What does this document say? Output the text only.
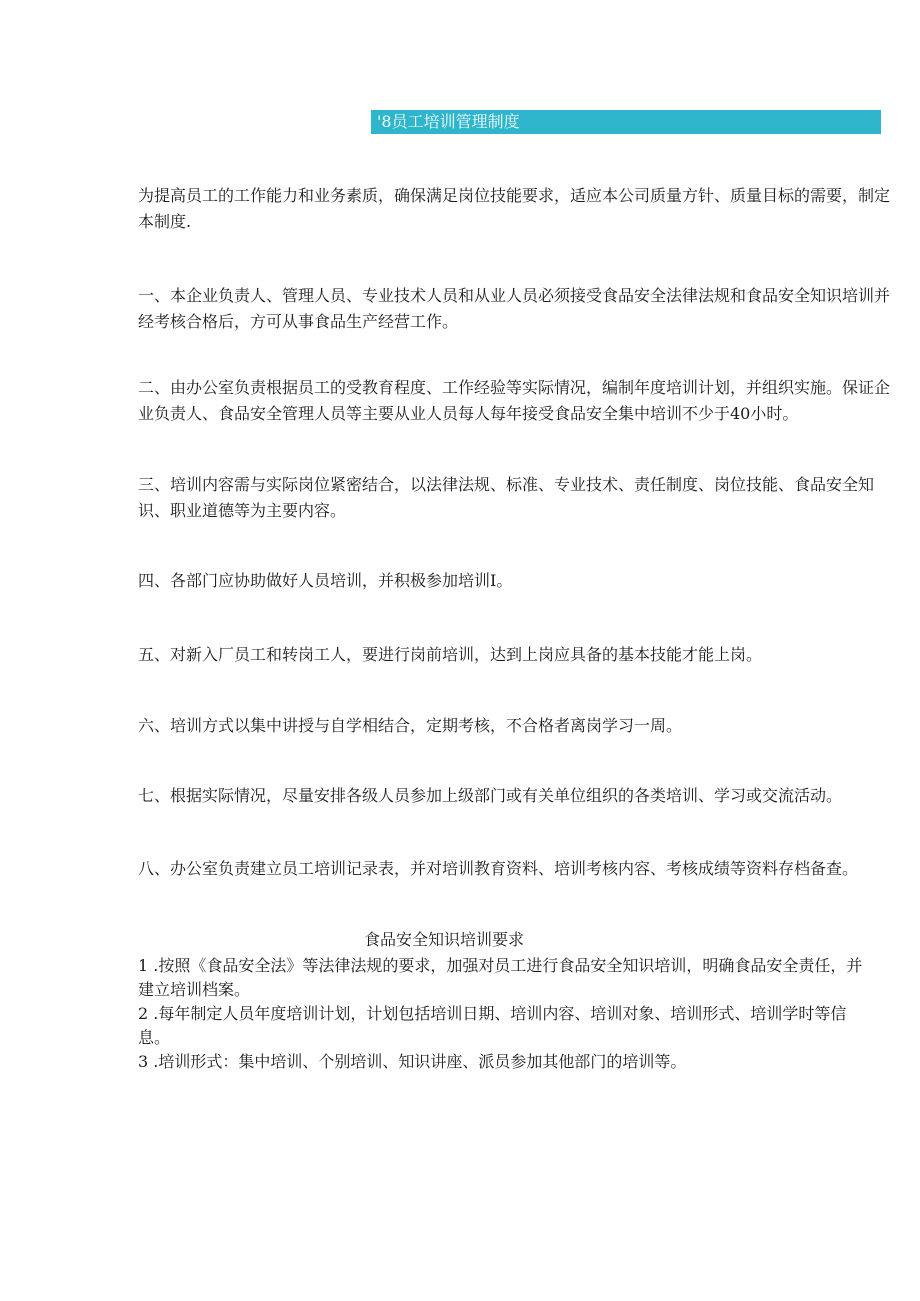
'8员工培训管理制度

为提高员工的工作能力和业务素质，确保满足岗位技能要求，适应本公司质量方针、质量目标的需要，制定本制度.

一、本企业负责人、管理人员、专业技术人员和从业人员必须接受食品安全法律法规和食品安全知识培训并经考核合格后，方可从事食品生产经营工作。

二、由办公室负责根据员工的受教育程度、工作经验等实际情况，编制年度培训计划，并组织实施。保证企业负责人、食品安全管理人员等主要从业人员每人每年接受食品安全集中培训不少于40小时。

三、培训内容需与实际岗位紧密结合，以法律法规、标准、专业技术、责任制度、岗位技能、食品安全知识、职业道德等为主要内容。

四、各部门应协助做好人员培训，并积极参加培训I。

五、对新入厂员工和转岗工人，要进行岗前培训，达到上岗应具备的基本技能才能上岗。

六、培训方式以集中讲授与自学相结合，定期考核，不合格者离岗学习一周。

七、根据实际情况，尽量安排各级人员参加上级部门或有关单位组织的各类培训、学习或交流活动。

八、办公室负责建立员工培训记录表，并对培训教育资料、培训考核内容、考核成绩等资料存档备查。

食品安全知识培训要求

1 .按照《食品安全法》等法律法规的要求，加强对员工进行食品安全知识培训，明确食品安全责任，并建立培训档案。

2 .每年制定人员年度培训计划，计划包括培训日期、培训内容、培训对象、培训形式、培训学时等信息。

3 .培训形式：集中培训、个别培训、知识讲座、派员参加其他部门的培训等。
